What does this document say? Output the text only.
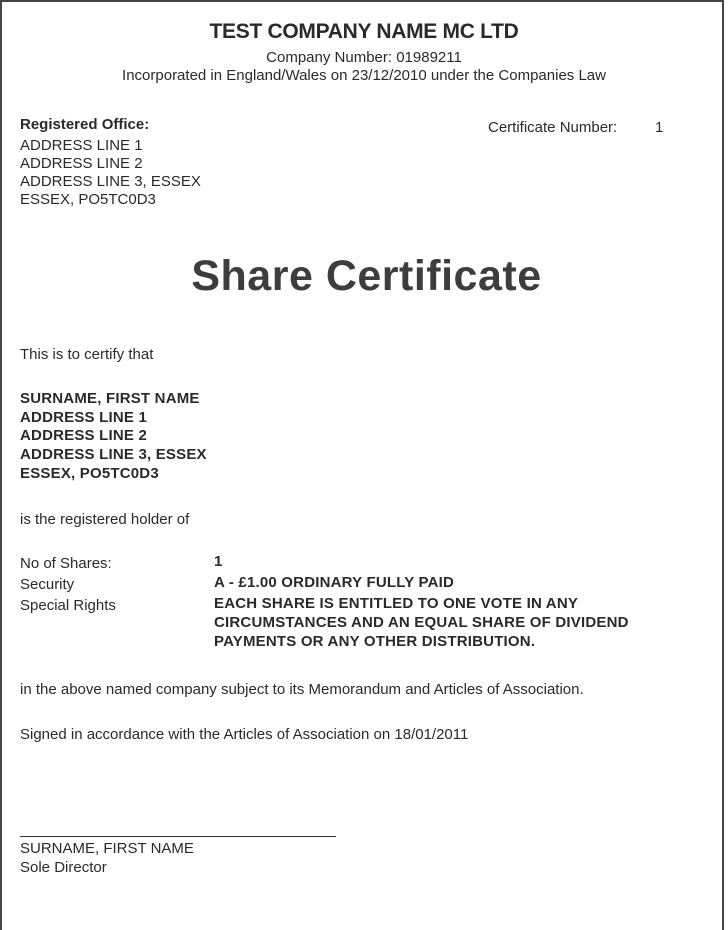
TEST COMPANY NAME MC LTD
Company Number: 01989211
Incorporated in England/Wales on 23/12/2010 under the Companies Law
Registered Office:
ADDRESS LINE 1
ADDRESS LINE 2
ADDRESS LINE 3, ESSEX
ESSEX, PO5TC0D3
Certificate Number:	1
Share Certificate
This is to certify that
SURNAME, FIRST NAME
ADDRESS LINE 1
ADDRESS LINE 2
ADDRESS LINE 3, ESSEX
ESSEX, PO5TC0D3
is the registered holder of
No of Shares:	1
Security	A - £1.00 ORDINARY FULLY PAID
Special Rights	EACH SHARE IS ENTITLED TO ONE VOTE IN ANY
CIRCUMSTANCES AND AN EQUAL SHARE OF DIVIDEND
PAYMENTS OR ANY OTHER DISTRIBUTION.
in the above named company subject to its Memorandum and Articles of Association.
Signed in accordance with the Articles of Association on 18/01/2011
SURNAME, FIRST NAME
Sole Director
